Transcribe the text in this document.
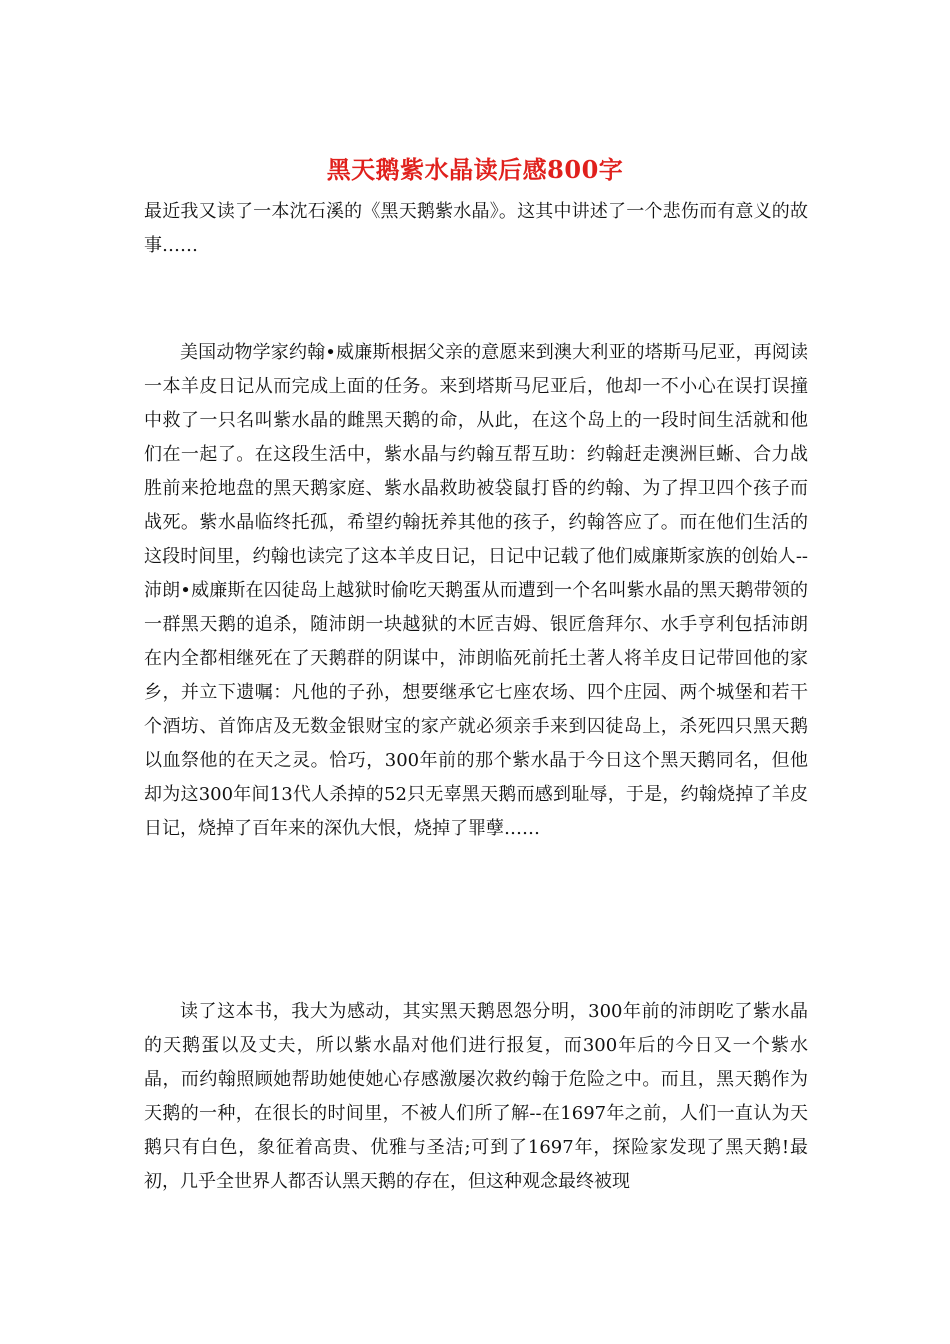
黑天鹅紫水晶读后感800字

最近我又读了一本沈石溪的《黑天鹅紫水晶》。这其中讲述了一个悲伤而有意义的故事……

美国动物学家约翰•威廉斯根据父亲的意愿来到澳大利亚的塔斯马尼亚，再阅读一本羊皮日记从而完成上面的任务。来到塔斯马尼亚后，他却一不小心在误打误撞中救了一只名叫紫水晶的雌黑天鹅的命，从此，在这个岛上的一段时间生活就和他们在一起了。在这段生活中，紫水晶与约翰互帮互助：约翰赶走澳洲巨蜥、合力战胜前来抢地盘的黑天鹅家庭、紫水晶救助被袋鼠打昏的约翰、为了捍卫四个孩子而战死。紫水晶临终托孤，希望约翰抚养其他的孩子，约翰答应了。而在他们生活的这段时间里，约翰也读完了这本羊皮日记，日记中记载了他们威廉斯家族的创始人--沛朗•威廉斯在囚徒岛上越狱时偷吃天鹅蛋从而遭到一个名叫紫水晶的黑天鹅带领的一群黑天鹅的追杀，随沛朗一块越狱的木匠吉姆、银匠詹拜尔、水手亨利包括沛朗在内全都相继死在了天鹅群的阴谋中，沛朗临死前托土著人将羊皮日记带回他的家乡，并立下遗嘱：凡他的子孙，想要继承它七座农场、四个庄园、两个城堡和若干个酒坊、首饰店及无数金银财宝的家产就必须亲手来到囚徒岛上，杀死四只黑天鹅以血祭他的在天之灵。恰巧，300年前的那个紫水晶于今日这个黑天鹅同名，但他却为这300年间13代人杀掉的52只无辜黑天鹅而感到耻辱，于是，约翰烧掉了羊皮日记，烧掉了百年来的深仇大恨，烧掉了罪孽……

读了这本书，我大为感动，其实黑天鹅恩怨分明，300年前的沛朗吃了紫水晶的天鹅蛋以及丈夫，所以紫水晶对他们进行报复，而300年后的今日又一个紫水晶，而约翰照顾她帮助她使她心存感激屡次救约翰于危险之中。而且，黑天鹅作为天鹅的一种，在很长的时间里，不被人们所了解--在1697年之前，人们一直认为天鹅只有白色，象征着高贵、优雅与圣洁;可到了1697年，探险家发现了黑天鹅!最初，几乎全世界人都否认黑天鹅的存在，但这种观念最终被现
